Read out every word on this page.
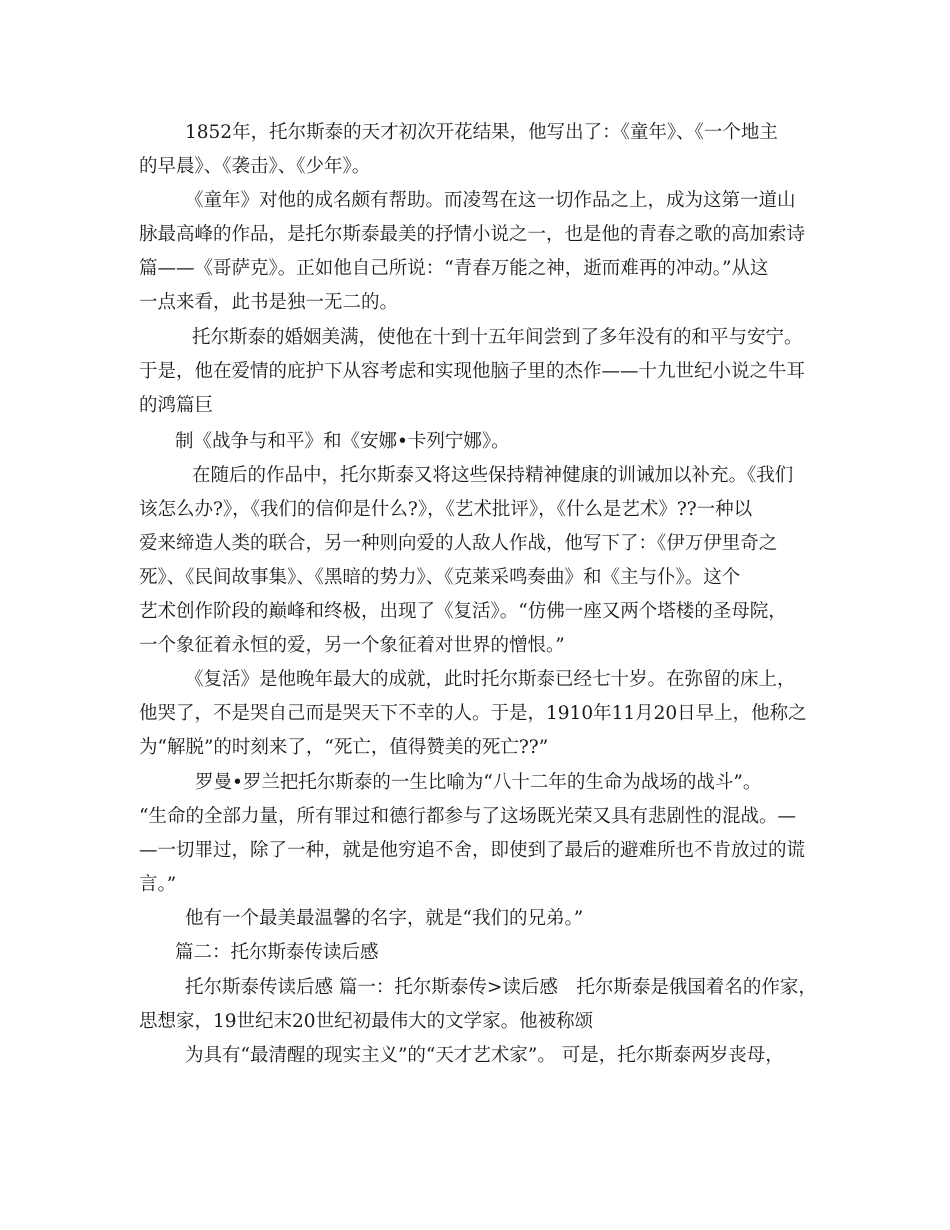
1852年，托尔斯泰的天才初次开花结果，他写出了：《童年》、《一个地主
的早晨》、《袭击》、《少年》。
《童年》对他的成名颇有帮助。而凌驾在这一切作品之上，成为这第一道山
脉最高峰的作品，是托尔斯泰最美的抒情小说之一，也是他的青春之歌的高加索诗
篇——《哥萨克》。正如他自己所说：“青春万能之神，逝而难再的冲动。”从这
一点来看，此书是独一无二的。
托尔斯泰的婚姻美满，使他在十到十五年间尝到了多年没有的和平与安宁。
于是，他在爱情的庇护下从容考虑和实现他脑子里的杰作——十九世纪小说之牛耳
的鸿篇巨
制《战争与和平》和《安娜•卡列宁娜》。
在随后的作品中，托尔斯泰又将这些保持精神健康的训诫加以补充。《我们
该怎么办?》，《我们的信仰是什么?》，《艺术批评》，《什么是艺术》??一种以
爱来缔造人类的联合，另一种则向爱的人敌人作战，他写下了：《伊万伊里奇之
死》、《民间故事集》、《黑暗的势力》、《克莱采鸣奏曲》和《主与仆》。这个
艺术创作阶段的巅峰和终极，出现了《复活》。“仿佛一座又两个塔楼的圣母院，
一个象征着永恒的爱，另一个象征着对世界的憎恨。”
《复活》是他晚年最大的成就，此时托尔斯泰已经七十岁。在弥留的床上，
他哭了，不是哭自己而是哭天下不幸的人。于是，1910年11月20日早上，他称之
为“解脱”的时刻来了，“死亡，值得赞美的死亡??”
罗曼•罗兰把托尔斯泰的一生比喻为“八十二年的生命为战场的战斗”。
“生命的全部力量，所有罪过和德行都参与了这场既光荣又具有悲剧性的混战。—
—一切罪过，除了一种，就是他穷追不舍，即使到了最后的避难所也不肯放过的谎
言。”
他有一个最美最温馨的名字，就是“我们的兄弟。”
篇二：托尔斯泰传读后感
托尔斯泰传读后感 篇一：托尔斯泰传>读后感　托尔斯泰是俄国着名的作家，
思想家，19世纪末20世纪初最伟大的文学家。他被称颂
为具有“最清醒的现实主义”的“天才艺术家”。 可是，托尔斯泰两岁丧母，
